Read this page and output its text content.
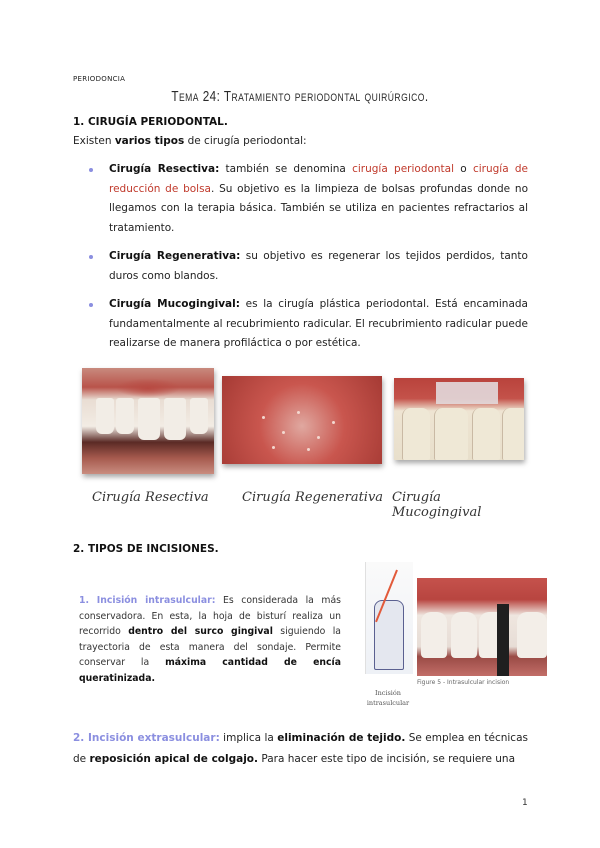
PERIODONCIA
Tema 24: Tratamiento periodontal quirúrgico.
1. CIRUGÍA PERIODONTAL.
Existen varios tipos de cirugía periodontal:
Cirugía Resectiva: también se denomina cirugía periodontal o cirugía de reducción de bolsa. Su objetivo es la limpieza de bolsas profundas donde no llegamos con la terapia básica. También se utiliza en pacientes refractarios al tratamiento.
Cirugía Regenerativa: su objetivo es regenerar los tejidos perdidos, tanto duros como blandos.
Cirugía Mucogingival: es la cirugía plástica periodontal. Está encaminada fundamentalmente al recubrimiento radicular. El recubrimiento radicular puede realizarse de manera profiláctica o por estética.
Cirugía Resectiva	Cirugía Regenerativa Cirugía Mucogingival
2. TIPOS DE INCISIONES.
1. Incisión intrasulcular: Es considerada la más conservadora. En esta, la hoja de bisturí realiza un recorrido dentro del surco gingival siguiendo la trayectoria de esta manera del sondaje. Permite conservar la máxima cantidad de encía queratinizada.
Incisión intrasulcular
Figure 5 - Intrasulcular incision
2. Incisión extrasulcular: implica la eliminación de tejido. Se emplea en técnicas de reposición apical de colgajo. Para hacer este tipo de incisión, se requiere una
1
